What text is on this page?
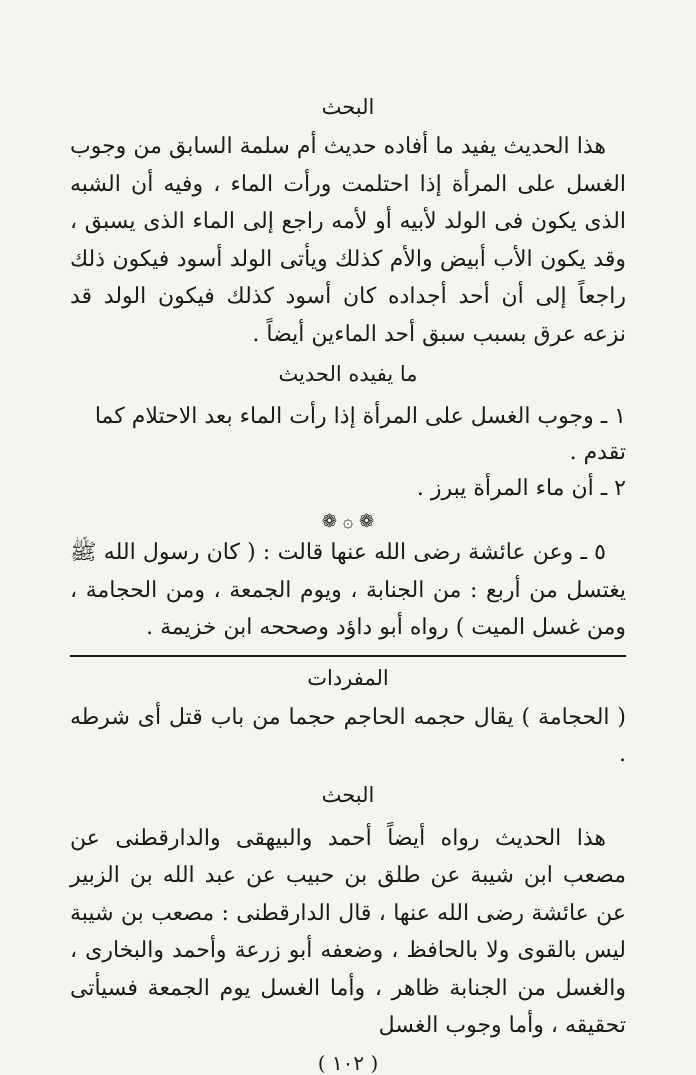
البحث

هذا الحديث يفيد ما أفاده حديث أم سلمة السابق من وجوب الغسل على المرأة إذا احتلمت ورأت الماء ، وفيه أن الشبه الذى يكون فى الولد لأبيه أو لأمه راجع إلى الماء الذى يسبق ، وقد يكون الأب أبيض والأم كذلك ويأتى الولد أسود فيكون ذلك راجعاً إلى أن أحد أجداده كان أسود كذلك فيكون الولد قد نزعه عرق بسبب سبق أحد الماءين أيضاً .

ما يفيده الحديث

١ ـ وجوب الغسل على المرأة إذا رأت الماء بعد الاحتلام كما تقدم .

٢ ـ أن ماء المرأة يبرز .

❁ ۞ ❁

٥ ـ وعن عائشة رضى الله عنها قالت : ( كان رسول الله ﷺ يغتسل من أربع : من الجنابة ، ويوم الجمعة ، ومن الحجامة ، ومن غسل الميت ) رواه أبو داؤد وصححه ابن خزيمة .

المفردات

( الحجامة ) يقال حجمه الحاجم حجما من باب قتل أى شرطه .

البحث

هذا الحديث رواه أيضاً أحمد والبيهقى والدارقطنى عن مصعب ابن شيبة عن طلق بن حبيب عن عبد الله بن الزبير عن عائشة رضى الله عنها ، قال الدارقطنى : مصعب بن شيبة ليس بالقوى ولا بالحافظ ، وضعفه أبو زرعة وأحمد والبخارى ، والغسل من الجنابة ظاهر ، وأما الغسل يوم الجمعة فسيأتى تحقيقه ، وأما وجوب الغسل

( ١٠٢ )
